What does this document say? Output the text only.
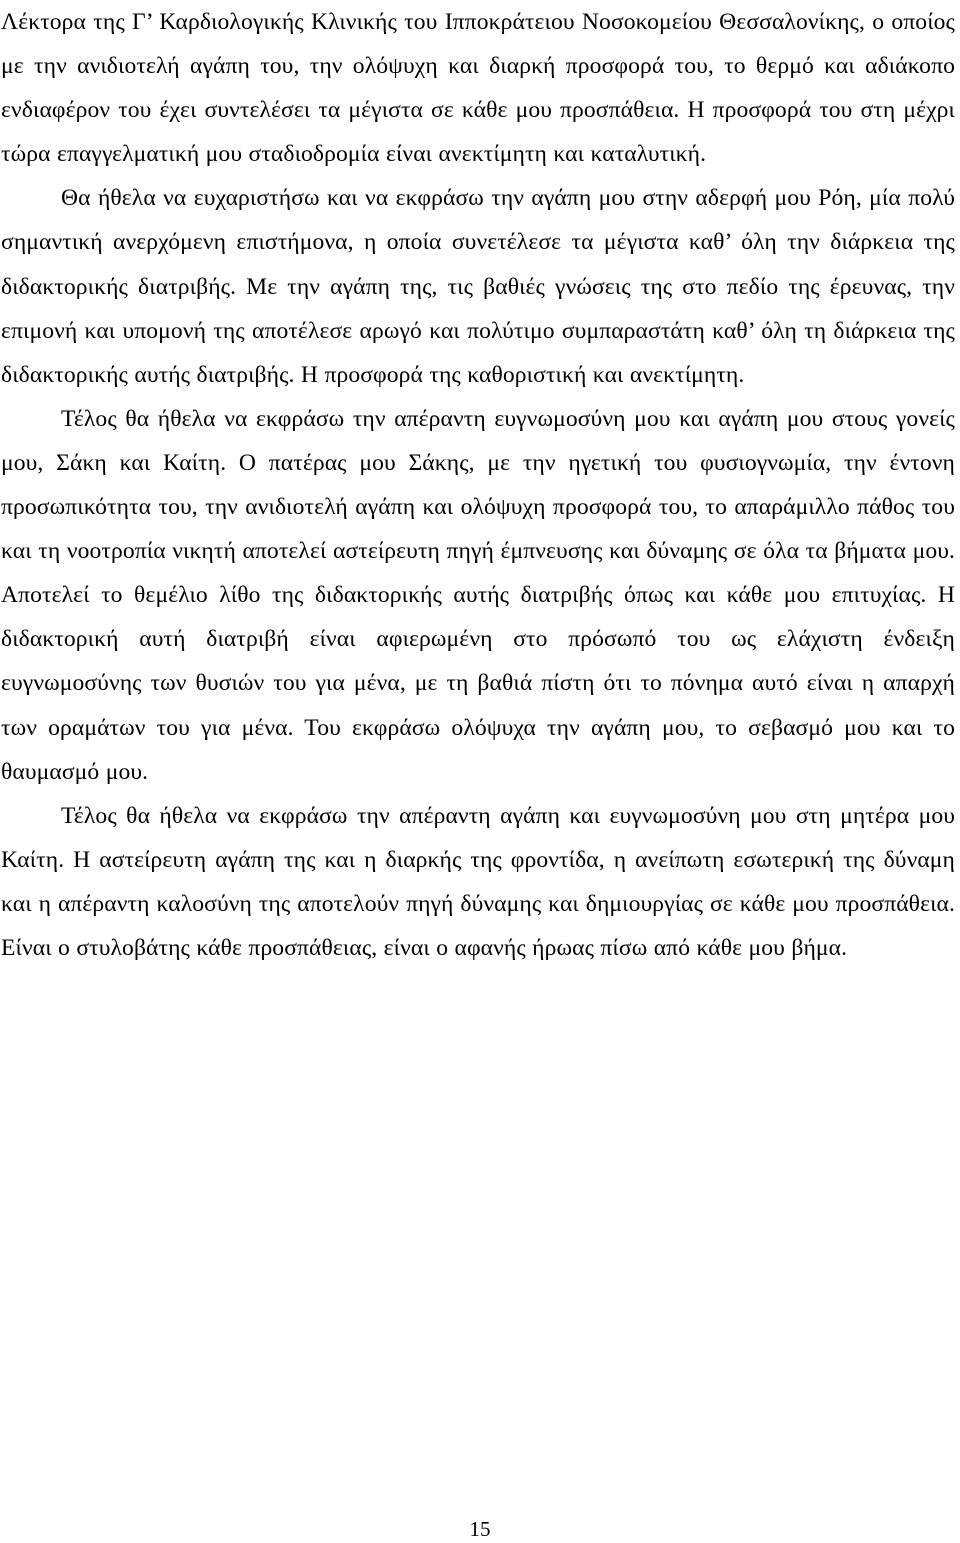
Λέκτορα της Γ’ Καρδιολογικής Κλινικής του Ιπποκράτειου Νοσοκομείου Θεσσαλονίκης, ο οποίος με την ανιδιοτελή αγάπη του, την ολόψυχη και διαρκή προσφορά του, το θερμό και αδιάκοπο ενδιαφέρον του έχει συντελέσει τα μέγιστα σε κάθε μου προσπάθεια. Η προσφορά του στη μέχρι τώρα επαγγελματική μου σταδιοδρομία είναι ανεκτίμητη και καταλυτική.

Θα ήθελα να ευχαριστήσω και να εκφράσω την αγάπη μου στην αδερφή μου Ρόη, μία πολύ σημαντική ανερχόμενη επιστήμονα, η οποία συνετέλεσε τα μέγιστα καθ’ όλη την διάρκεια της διδακτορικής διατριβής. Με την αγάπη της, τις βαθιές γνώσεις της στο πεδίο της έρευνας, την επιμονή και υπομονή της αποτέλεσε αρωγό και πολύτιμο συμπαραστάτη καθ’ όλη τη διάρκεια της διδακτορικής αυτής διατριβής. Η προσφορά της καθοριστική και ανεκτίμητη.

Τέλος θα ήθελα να εκφράσω την απέραντη ευγνωμοσύνη μου και αγάπη μου στους γονείς μου, Σάκη και Καίτη. Ο πατέρας μου Σάκης, με την ηγετική του φυσιογνωμία, την έντονη προσωπικότητα του, την ανιδιοτελή αγάπη και ολόψυχη προσφορά του, το απαράμιλλο πάθος του και τη νοοτροπία νικητή αποτελεί αστείρευτη πηγή έμπνευσης και δύναμης σε όλα τα βήματα μου. Αποτελεί το θεμέλιο λίθο της διδακτορικής αυτής διατριβής όπως και κάθε μου επιτυχίας. Η διδακτορική αυτή διατριβή είναι αφιερωμένη στο πρόσωπό του ως ελάχιστη ένδειξη ευγνωμοσύνης των θυσιών του για μένα, με τη βαθιά πίστη ότι το πόνημα αυτό είναι η απαρχή των οραμάτων του για μένα. Του εκφράσω ολόψυχα την αγάπη μου, το σεβασμό μου και το θαυμασμό μου.

Τέλος θα ήθελα να εκφράσω την απέραντη αγάπη και ευγνωμοσύνη μου στη μητέρα μου Καίτη. Η αστείρευτη αγάπη της και η διαρκής της φροντίδα, η ανείπωτη εσωτερική της δύναμη και η απέραντη καλοσύνη της αποτελούν πηγή δύναμης και δημιουργίας σε κάθε μου προσπάθεια. Είναι ο στυλοβάτης κάθε προσπάθειας, είναι ο αφανής ήρωας πίσω από κάθε μου βήμα.

15
